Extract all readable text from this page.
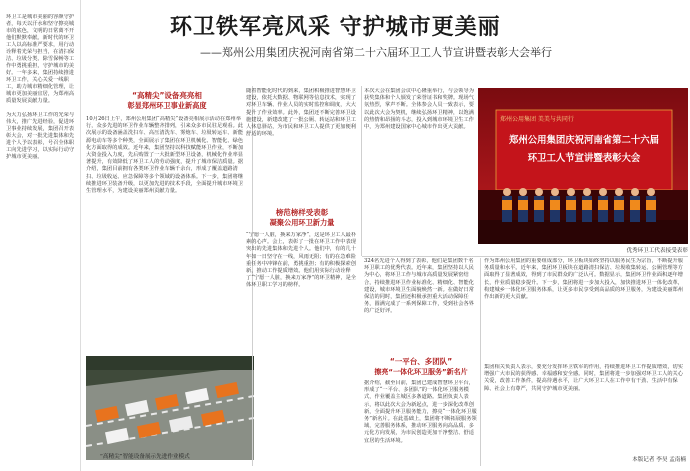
环卫工是城市美丽的容颜守护者，每天以汗水和坚守擦亮城市的底色，文明的日常离不开他们默默奉献。新时代的环卫工人以高标准严要求，用行动诠释着光荣与担当，在清扫保洁、垃圾分类、除雪保畅等工作中勇挑重担，守护城市的美好。一年多来，集团持续推进环卫工作，关心关爱一线职工，助力城市精细化管理，让城市更加美丽宜居，为郑州高质量发展贡献力量。
为大力弘扬环卫工作的光荣与伟大，推广先进经验，促进环卫事业持续发展，集团召开表彰大会，对一批先进集体和先进个人予以表彰，号召全体职工向先进学习，以实际行动守护城市更美丽。
环卫铁军亮风采 守护城市更美丽
——郑州公用集团庆祝河南省第二十六届环卫工人节宣讲暨表彰大会举行
“高精尖”设备亮亮相
彰显郑州环卫事业新高度
10月26日上午，郑州公用集团“高精尖”设备亮相展示活动在郑州举行，众多先进的环卫作业车辆整齐排列，引来众多市民驻足观看。此次展示的设备涵盖洗扫车、高压清洗车、雾炮车、垃圾转运车、新能源电动车等多个种类，全面展示了集团在环卫机械化、智能化、绿色化方面取得的成效。近年来，集团坚持以科技赋能环卫作业，不断加大资金投入力度，先后购置了一大批新型环卫设备，机械化作业率显著提升，有效降低了环卫工人的劳动强度，提升了城市保洁质量。据介绍，集团目前拥有各类环卫作业车辆千余台，形成了覆盖道路清扫、垃圾收运、应急保障等多个领域的设备体系。下一步，集团将继续推进环卫装备升级，以更加先进的技术手段，全面提升城市环境卫生管理水平，为建设美丽郑州贡献力量。
“高精尖”智能设备展示先进作业模式
随着智能化时代的到来，集团积极推进智慧环卫建设，依托大数据、物联网等信息技术，实现了对环卫车辆、作业人员的实时监控和调度，大大提升了作业效率。此外，集团还不断完善环卫设施建设，新建改建了一批公厕、转运站和环卫工人休息驿站，为市民和环卫工人提供了更加便利舒适的环境。
榜范榜样受表彰
凝聚公用环卫新力量
“宁愿一人脏，换来万家净”，这是环卫工人最朴素的心声。会上，表彰了一批在环卫工作中表现突出的先进集体和先进个人。他们中，有的几十年如一日坚守在一线，风雨无阻；有的在急难险重任务中冲锋在前，勇挑重担；有的积极探索创新，推动工作提质增效。他们用实际行动诠释了“宁愿一人脏，换来万家净”的环卫精神，是全体环卫职工学习的榜样。
本次大会在集团会议中心隆重举行，与会领导为获奖集体和个人颁发了荣誉证书和奖牌。现场气氛热烈，掌声不断。全体参会人员一致表示，要以此次大会为契机，继续弘扬环卫精神，以饱满的热情和昂扬的斗志，投入到城市环境卫生工作中，为郑州建设国家中心城市作出更大贡献。
郑州公用集团 美美与共同行
郑州公用集团庆祝河南省第二十六届
环卫工人节宣讲暨表彰大会
优秀环卫工代表接受表彰
324名先进个人得到了表彰，他们是集团数千名环卫职工的优秀代表。近年来，集团坚持以人民为中心，将环卫工作与城市高质量发展紧密结合，持续推进环卫作业标准化、精细化、智能化建设，城市环境卫生面貌焕然一新。在做好日常保洁的同时，集团还积极承担重大活动保障任务，圆满完成了一系列保障工作，受到社会各界的广泛好评。
“一平台、多团队”
擦亮“一体化环卫服务”新名片
据介绍，截至目前，集团已建成智慧环卫平台，形成了“一平台、多团队”的一体化环卫服务模式，作业覆盖主城区多条道路。集团负责人表示，将以此次大会为新起点，进一步深化改革创新，全面提升环卫服务能力，擦亮“一体化环卫服务”新名片。在此基础上，集团将不断拓展服务领域，完善服务体系，推动环卫服务向高品质、多元化方向发展，为市民创造更加干净整洁、舒适宜居的生活环境。
作为郑州公用集团的重要组成部分，环卫板块始终坚持以服务民生为宗旨，不断提升服务质量和水平。近年来，集团环卫板块在道路清扫保洁、垃圾收集转运、公厕管理等方面取得了显著成效，得到了市民群众的广泛认可。数据显示，集团环卫作业面积逐年增长，作业质量稳步提升。下一步，集团将进一步加大投入，加快推进环卫一体化改革，构建城乡一体化环卫服务体系，让更多市民享受到高品质的环卫服务，为建设美丽郑州作出新的更大贡献。
集团相关负责人表示，要充分发挥环卫铁军的作用，持续推进环卫工作提质增效，切实增强广大市民的获得感、幸福感和安全感。同时，集团将进一步加强对环卫工人的关心关爱，改善工作条件，提高待遇水平，让广大环卫工人在工作中有干劲、生活中有保障、社会上有尊严，共同守护城市更美丽。
本版记者 李昊 孟南楠
